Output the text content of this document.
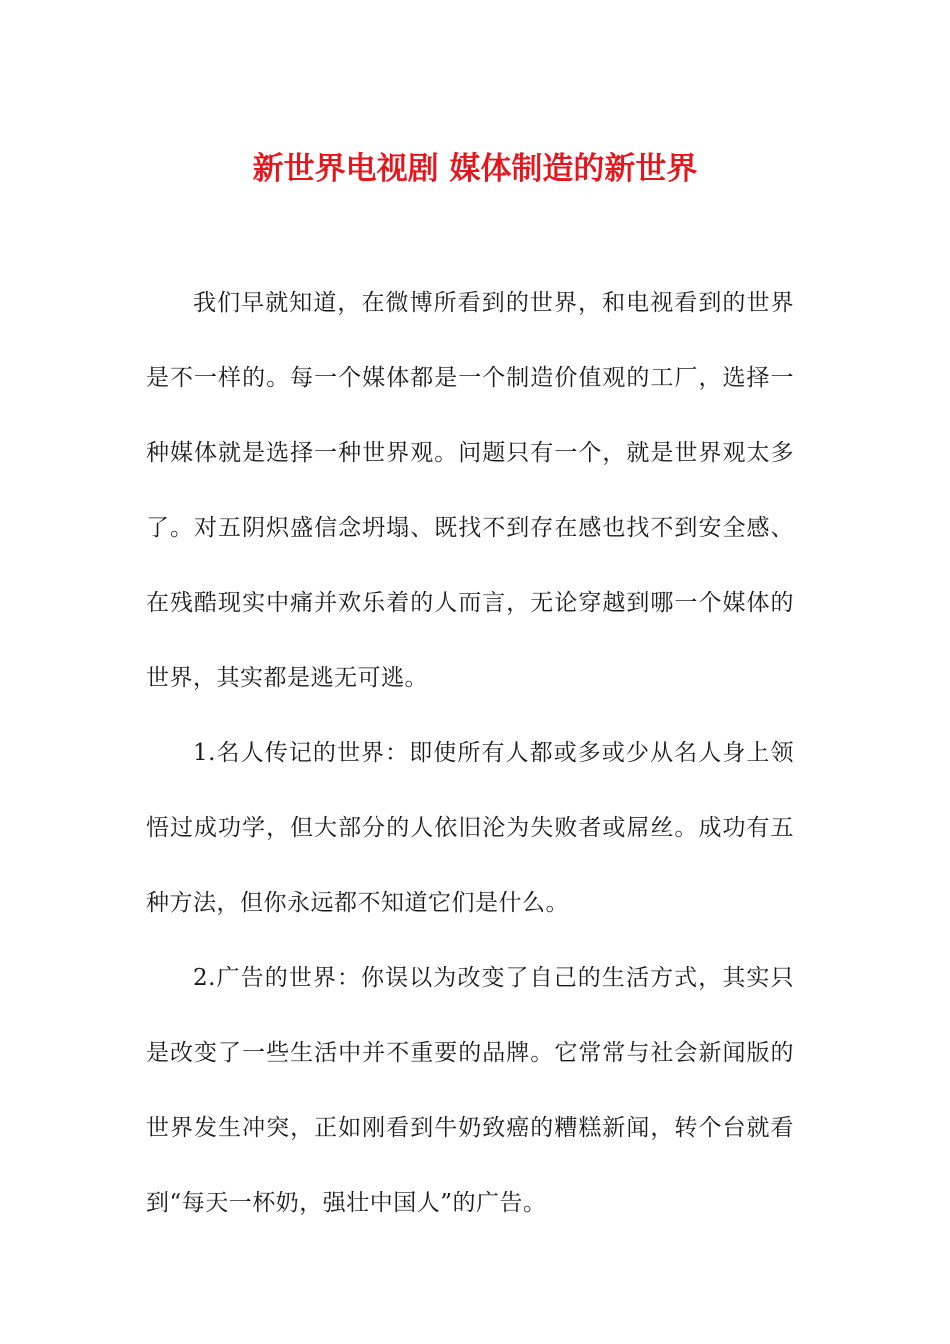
新世界电视剧 媒体制造的新世界
我们早就知道，在微博所看到的世界，和电视看到的世界
是不一样的。每一个媒体都是一个制造价值观的工厂，选择一
种媒体就是选择一种世界观。问题只有一个，就是世界观太多
了。对五阴炽盛信念坍塌、既找不到存在感也找不到安全感、
在残酷现实中痛并欢乐着的人而言，无论穿越到哪一个媒体的
世界，其实都是逃无可逃。
1.名人传记的世界：即使所有人都或多或少从名人身上领
悟过成功学，但大部分的人依旧沦为失败者或屌丝。成功有五
种方法，但你永远都不知道它们是什么。
2.广告的世界：你误以为改变了自己的生活方式，其实只
是改变了一些生活中并不重要的品牌。它常常与社会新闻版的
世界发生冲突，正如刚看到牛奶致癌的糟糕新闻，转个台就看
到“每天一杯奶，强壮中国人”的广告。
